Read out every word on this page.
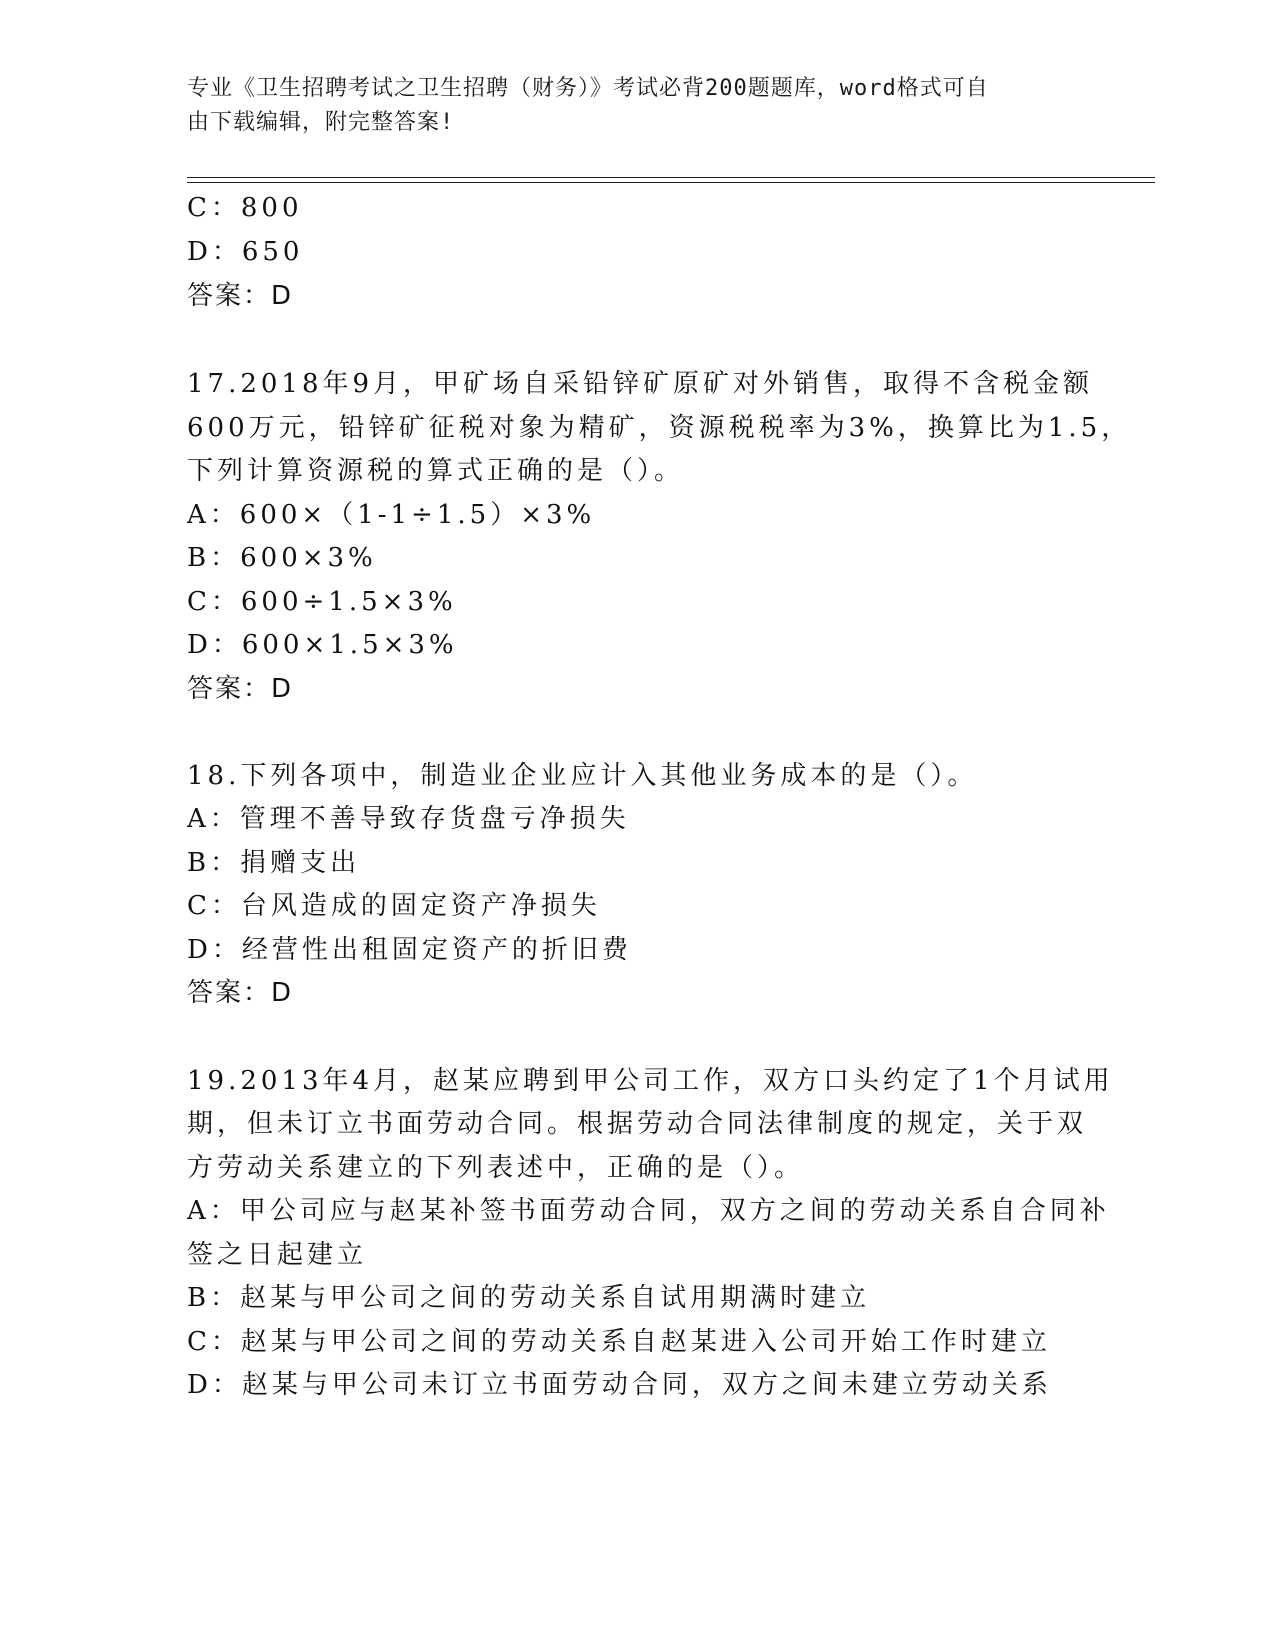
专业《卫生招聘考试之卫生招聘（财务）》考试必背200题题库，word格式可自
由下载编辑，附完整答案!
C：800
D：650
答案：D
17.2018年9月，甲矿场自采铅锌矿原矿对外销售，取得不含税金额
600万元，铅锌矿征税对象为精矿，资源税税率为3%，换算比为1.5，
下列计算资源税的算式正确的是（）。
A：600×（1-1÷1.5）×3%
B：600×3%
C：600÷1.5×3%
D：600×1.5×3%
答案：D
18.下列各项中，制造业企业应计入其他业务成本的是（）。
A：管理不善导致存货盘亏净损失
B：捐赠支出
C：台风造成的固定资产净损失
D：经营性出租固定资产的折旧费
答案：D
19.2013年4月，赵某应聘到甲公司工作，双方口头约定了1个月试用
期，但未订立书面劳动合同。根据劳动合同法律制度的规定，关于双
方劳动关系建立的下列表述中，正确的是（）。
A：甲公司应与赵某补签书面劳动合同，双方之间的劳动关系自合同补
签之日起建立
B：赵某与甲公司之间的劳动关系自试用期满时建立
C：赵某与甲公司之间的劳动关系自赵某进入公司开始工作时建立
D：赵某与甲公司未订立书面劳动合同，双方之间未建立劳动关系
